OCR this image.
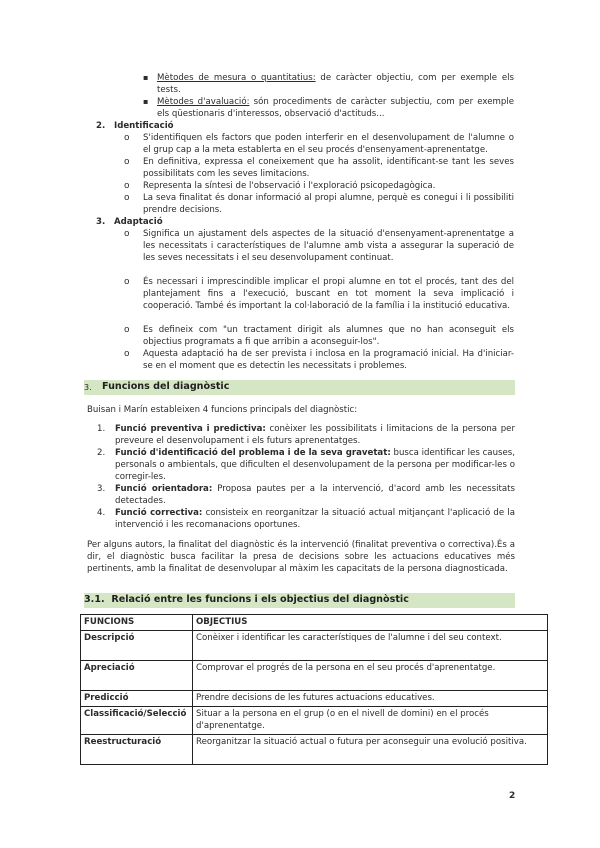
▪ Mètodes de mesura o quantitatius: de caràcter objectiu, com per exemple els tests.
▪ Mètodes d'avaluació: són procediments de caràcter subjectiu, com per exemple els qüestionaris d'interessos, observació d'actituds...
2. Identificació
o S'identifiquen els factors que poden interferir en el desenvolupament de l'alumne o el grup cap a la meta establerta en el seu procés d'ensenyament-aprenentatge.
o En definitiva, expressa el coneixement que ha assolit, identificant-se tant les seves possibilitats com les seves limitacions.
o Representa la síntesi de l'observació i l'exploració psicopedagògica.
o La seva finalitat és donar informació al propi alumne, perquè es conegui i li possibiliti prendre decisions.
3. Adaptació
o Significa un ajustament dels aspectes de la situació d'ensenyament-aprenentatge a les necessitats i característiques de l'alumne amb vista a assegurar la superació de les seves necessitats i el seu desenvolupament continuat.
o És necessari i imprescindible implicar el propi alumne en tot el procés, tant des del plantejament fins a l'execució, buscant en tot moment la seva implicació i cooperació. També és important la col·laboració de la família i la institució educativa.
o Es defineix com "un tractament dirigit als alumnes que no han aconseguit els objectius programats a fi que arribin a aconseguir-los".
o Aquesta adaptació ha de ser prevista i inclosa en la programació inicial. Ha d'iniciar-se en el moment que es detectin les necessitats i problemes.
3. Funcions del diagnòstic
Buisan i Marín estableixen 4 funcions principals del diagnòstic:
1. Funció preventiva i predictiva: conèixer les possibilitats i limitacions de la persona per preveure el desenvolupament i els futurs aprenentatges.
2. Funció d'identificació del problema i de la seva gravetat: busca identificar les causes, personals o ambientals, que dificulten el desenvolupament de la persona per modificar-les o corregir-les.
3. Funció orientadora: Proposa pautes per a la intervenció, d'acord amb les necessitats detectades.
4. Funció correctiva: consisteix en reorganitzar la situació actual mitjançant l'aplicació de la intervenció i les recomanacions oportunes.
Per alguns autors, la finalitat del diagnòstic és la intervenció (finalitat preventiva o correctiva).És a dir, el diagnòstic busca facilitar la presa de decisions sobre les actuacions educatives més pertinents, amb la finalitat de desenvolupar al màxim les capacitats de la persona diagnosticada.
3.1. Relació entre les funcions i els objectius del diagnòstic
FUNCIONS	OBJECTIUS
Descripció	Conèixer i identificar les característiques de l'alumne i del seu context.
Apreciació	Comprovar el progrés de la persona en el seu procés d'aprenentatge.
Predicció	Prendre decisions de les futures actuacions educatives.
Classificació/Selecció	Situar a la persona en el grup (o en el nivell de domini) en el procés d'aprenentatge.
Reestructuració	Reorganitzar la situació actual o futura per aconseguir una evolució positiva.
2
